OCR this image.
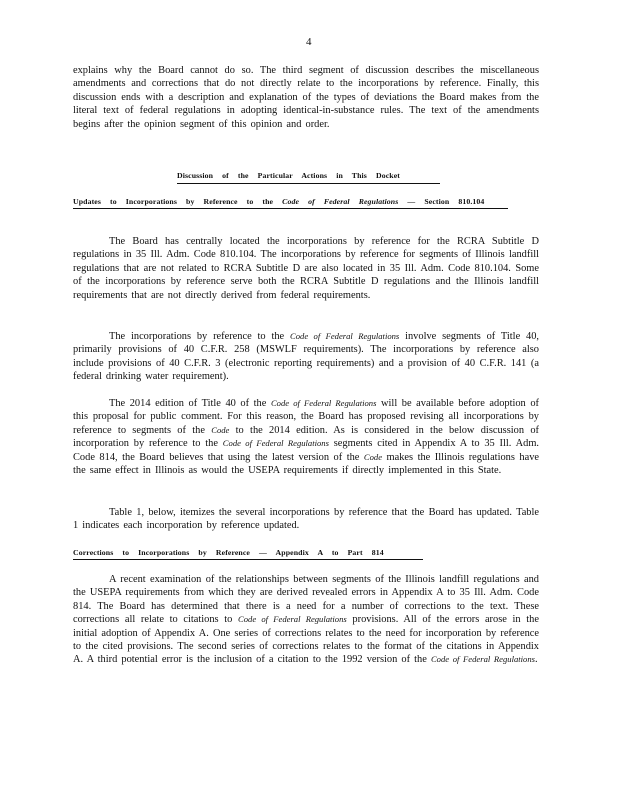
4

explains why the Board cannot do so. The third segment of discussion describes the miscellaneous amendments and corrections that do not directly relate to the incorporations by reference. Finally, this discussion ends with a description and explanation of the types of deviations the Board makes from the literal text of federal regulations in adopting identical-in-substance rules. The text of the amendments begins after the opinion segment of this opinion and order.

Discussion of the Particular Actions in This Docket
Updates to Incorporations by Reference to the Code of Federal Regulations — Section 810.104

The Board has centrally located the incorporations by reference for the RCRA Subtitle D regulations in 35 Ill. Adm. Code 810.104. The incorporations by reference for segments of Illinois landfill regulations that are not related to RCRA Subtitle D are also located in 35 Ill. Adm. Code 810.104. Some of the incorporations by reference serve both the RCRA Subtitle D regulations and the Illinois landfill requirements that are not directly derived from federal requirements.

The incorporations by reference to the Code of Federal Regulations involve segments of Title 40, primarily provisions of 40 C.F.R. 258 (MSWLF requirements). The incorporations by reference also include provisions of 40 C.F.R. 3 (electronic reporting requirements) and a provision of 40 C.F.R. 141 (a federal drinking water requirement).

The 2014 edition of Title 40 of the Code of Federal Regulations will be available before adoption of this proposal for public comment. For this reason, the Board has proposed revising all incorporations by reference to segments of the Code to the 2014 edition. As is considered in the below discussion of incorporation by reference to the Code of Federal Regulations segments cited in Appendix A to 35 Ill. Adm. Code 814, the Board believes that using the latest version of the Code makes the Illinois regulations have the same effect in Illinois as would the USEPA requirements if directly implemented in this State.

Table 1, below, itemizes the several incorporations by reference that the Board has updated. Table 1 indicates each incorporation by reference updated.

Corrections to Incorporations by Reference — Appendix A to Part 814

A recent examination of the relationships between segments of the Illinois landfill regulations and the USEPA requirements from which they are derived revealed errors in Appendix A to 35 Ill. Adm. Code 814. The Board has determined that there is a need for a number of corrections to the text. These corrections all relate to citations to Code of Federal Regulations provisions. All of the errors arose in the initial adoption of Appendix A. One series of corrections relates to the need for incorporation by reference to the cited provisions. The second series of corrections relates to the format of the citations in Appendix A. A third potential error is the inclusion of a citation to the 1992 version of the Code of Federal Regulations.
